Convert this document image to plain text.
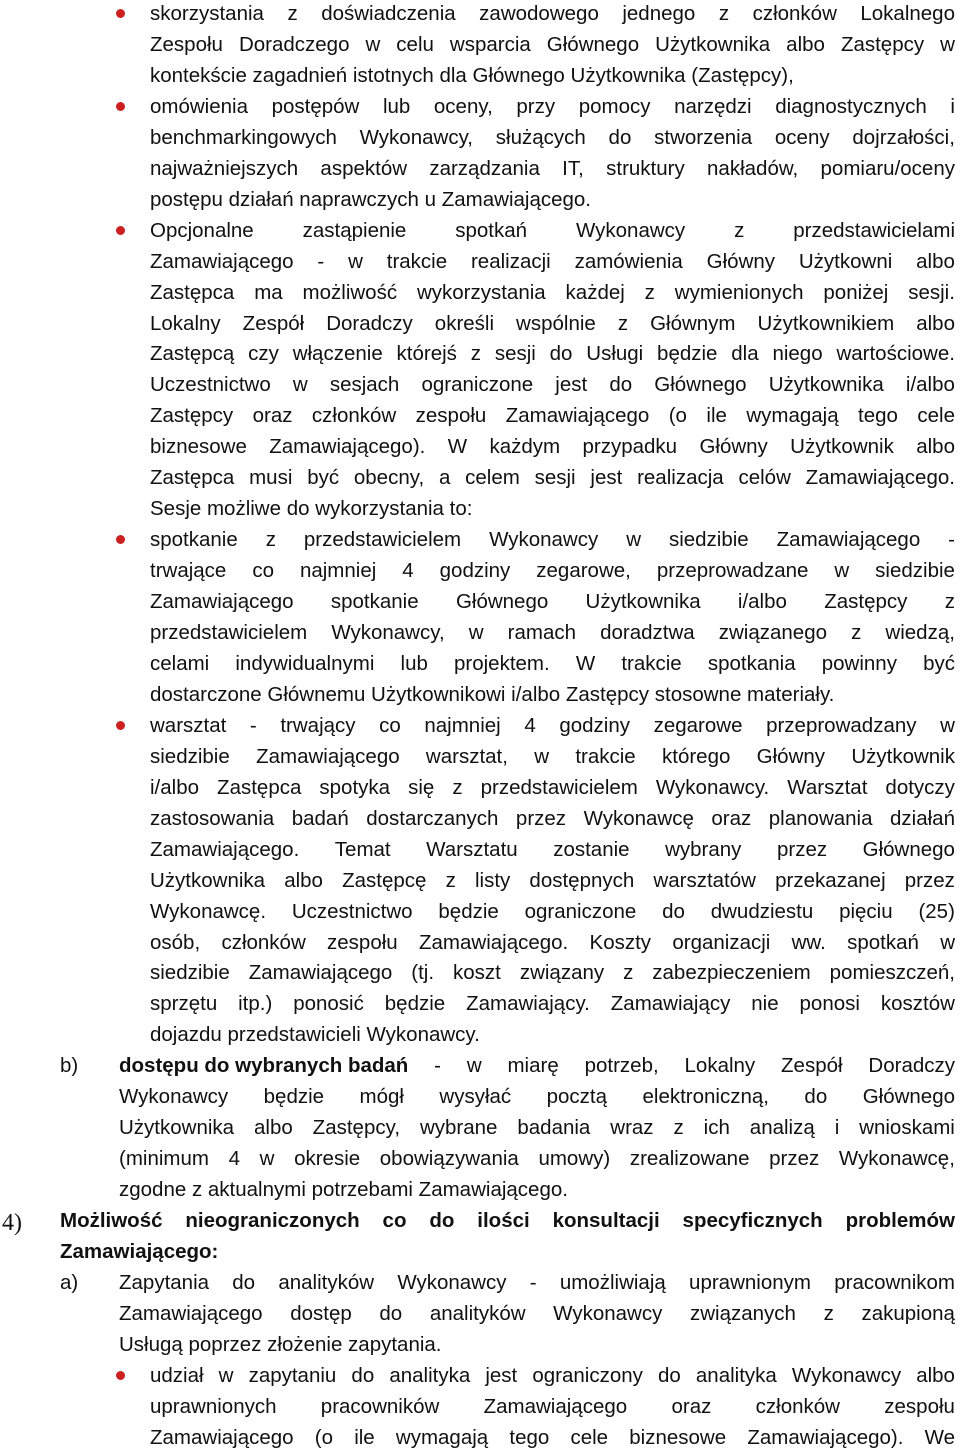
skorzystania z doświadczenia zawodowego jednego z członków Lokalnego
Zespołu Doradczego w celu wsparcia Głównego Użytkownika albo Zastępcy w
kontekście zagadnień istotnych dla Głównego Użytkownika (Zastępcy),
omówienia postępów lub oceny, przy pomocy narzędzi diagnostycznych i
benchmarkingowych Wykonawcy, służących do stworzenia oceny dojrzałości,
najważniejszych aspektów zarządzania IT, struktury nakładów, pomiaru/oceny
postępu działań naprawczych u Zamawiającego.
Opcjonalne zastąpienie spotkań Wykonawcy z przedstawicielami
Zamawiającego - w trakcie realizacji zamówienia Główny Użytkowni albo
Zastępca ma możliwość wykorzystania każdej z wymienionych poniżej sesji.
Lokalny Zespół Doradczy określi wspólnie z Głównym Użytkownikiem albo
Zastępcą czy włączenie którejś z sesji do Usługi będzie dla niego wartościowe.
Uczestnictwo w sesjach ograniczone jest do Głównego Użytkownika i/albo
Zastępcy oraz członków zespołu Zamawiającego (o ile wymagają tego cele
biznesowe Zamawiającego). W każdym przypadku Główny Użytkownik albo
Zastępca musi być obecny, a celem sesji jest realizacja celów Zamawiającego.
Sesje możliwe do wykorzystania to:
spotkanie z przedstawicielem Wykonawcy w siedzibie Zamawiającego -
trwające co najmniej 4 godziny zegarowe, przeprowadzane w siedzibie
Zamawiającego spotkanie Głównego Użytkownika i/albo Zastępcy z
przedstawicielem Wykonawcy, w ramach doradztwa związanego z wiedzą,
celami indywidualnymi lub projektem. W trakcie spotkania powinny być
dostarczone Głównemu Użytkownikowi i/albo Zastępcy stosowne materiały.
warsztat - trwający co najmniej 4 godziny zegarowe przeprowadzany w
siedzibie Zamawiającego warsztat, w trakcie którego Główny Użytkownik
i/albo Zastępca spotyka się z przedstawicielem Wykonawcy. Warsztat dotyczy
zastosowania badań dostarczanych przez Wykonawcę oraz planowania działań
Zamawiającego. Temat Warsztatu zostanie wybrany przez Głównego
Użytkownika albo Zastępcę z listy dostępnych warsztatów przekazanej przez
Wykonawcę. Uczestnictwo będzie ograniczone do dwudziestu pięciu (25)
osób, członków zespołu Zamawiającego. Koszty organizacji ww. spotkań w
siedzibie Zamawiającego (tj. koszt związany z zabezpieczeniem pomieszczeń,
sprzętu itp.) ponosić będzie Zamawiający. Zamawiający nie ponosi kosztów
dojazdu przedstawicieli Wykonawcy.
b) dostępu do wybranych badań - w miarę potrzeb, Lokalny Zespół Doradczy
Wykonawcy będzie mógł wysyłać pocztą elektroniczną, do Głównego
Użytkownika albo Zastępcy, wybrane badania wraz z ich analizą i wnioskami
(minimum 4 w okresie obowiązywania umowy) zrealizowane przez Wykonawcę,
zgodne z aktualnymi potrzebami Zamawiającego.
4) Możliwość nieograniczonych co do ilości konsultacji specyficznych problemów
Zamawiającego:
a) Zapytania do analityków Wykonawcy - umożliwiają uprawnionym pracownikom
Zamawiającego dostęp do analityków Wykonawcy związanych z zakupioną
Usługą poprzez złożenie zapytania.
udział w zapytaniu do analityka jest ograniczony do analityka Wykonawcy albo
uprawnionych pracowników Zamawiającego oraz członków zespołu
Zamawiającego (o ile wymagają tego cele biznesowe Zamawiającego). We
